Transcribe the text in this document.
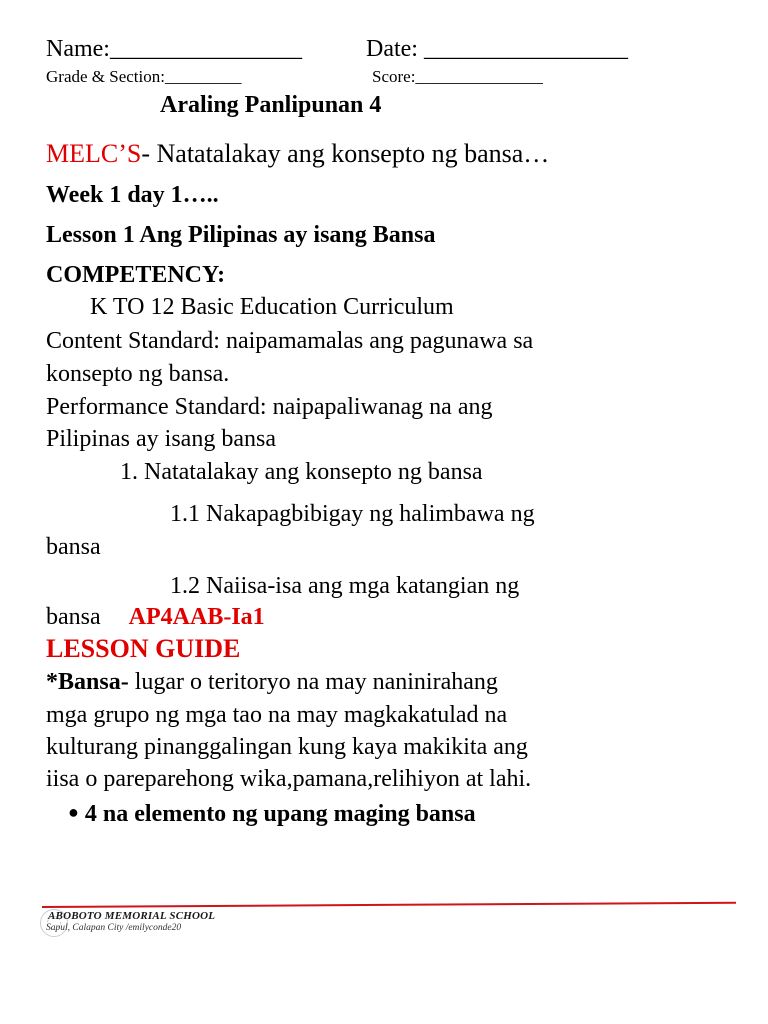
Name:________________	Date: _________________
Grade & Section:_________	Score:_______________
Araling Panlipunan 4
MELC’S- Natatalakay ang konsepto ng bansa…
Week 1 day 1…..
Lesson 1 Ang Pilipinas ay isang Bansa
COMPETENCY:
K TO 12 Basic Education Curriculum
Content Standard: naipamamalas ang pagunawa sa
konsepto ng bansa.
Performance Standard: naipapaliwanag na ang
Pilipinas ay isang bansa
1. Natatalakay ang konsepto ng bansa
1.1 Nakapagbibigay ng halimbawa ng
bansa
1.2 Naiisa-isa ang mga katangian ng
bansa AP4AAB-Ia1
LESSON GUIDE
*Bansa- lugar o teritoryo na may naninirahang
mga grupo ng mga tao na may magkakatulad na
kulturang pinanggalingan kung kaya makikita ang
iisa o pareparehong wika,pamana,relihiyon at lahi.
● 4 na elemento ng upang maging bansa
ABOBOTO MEMORIAL SCHOOL
Sapul, Calapan City /emilyconde20
